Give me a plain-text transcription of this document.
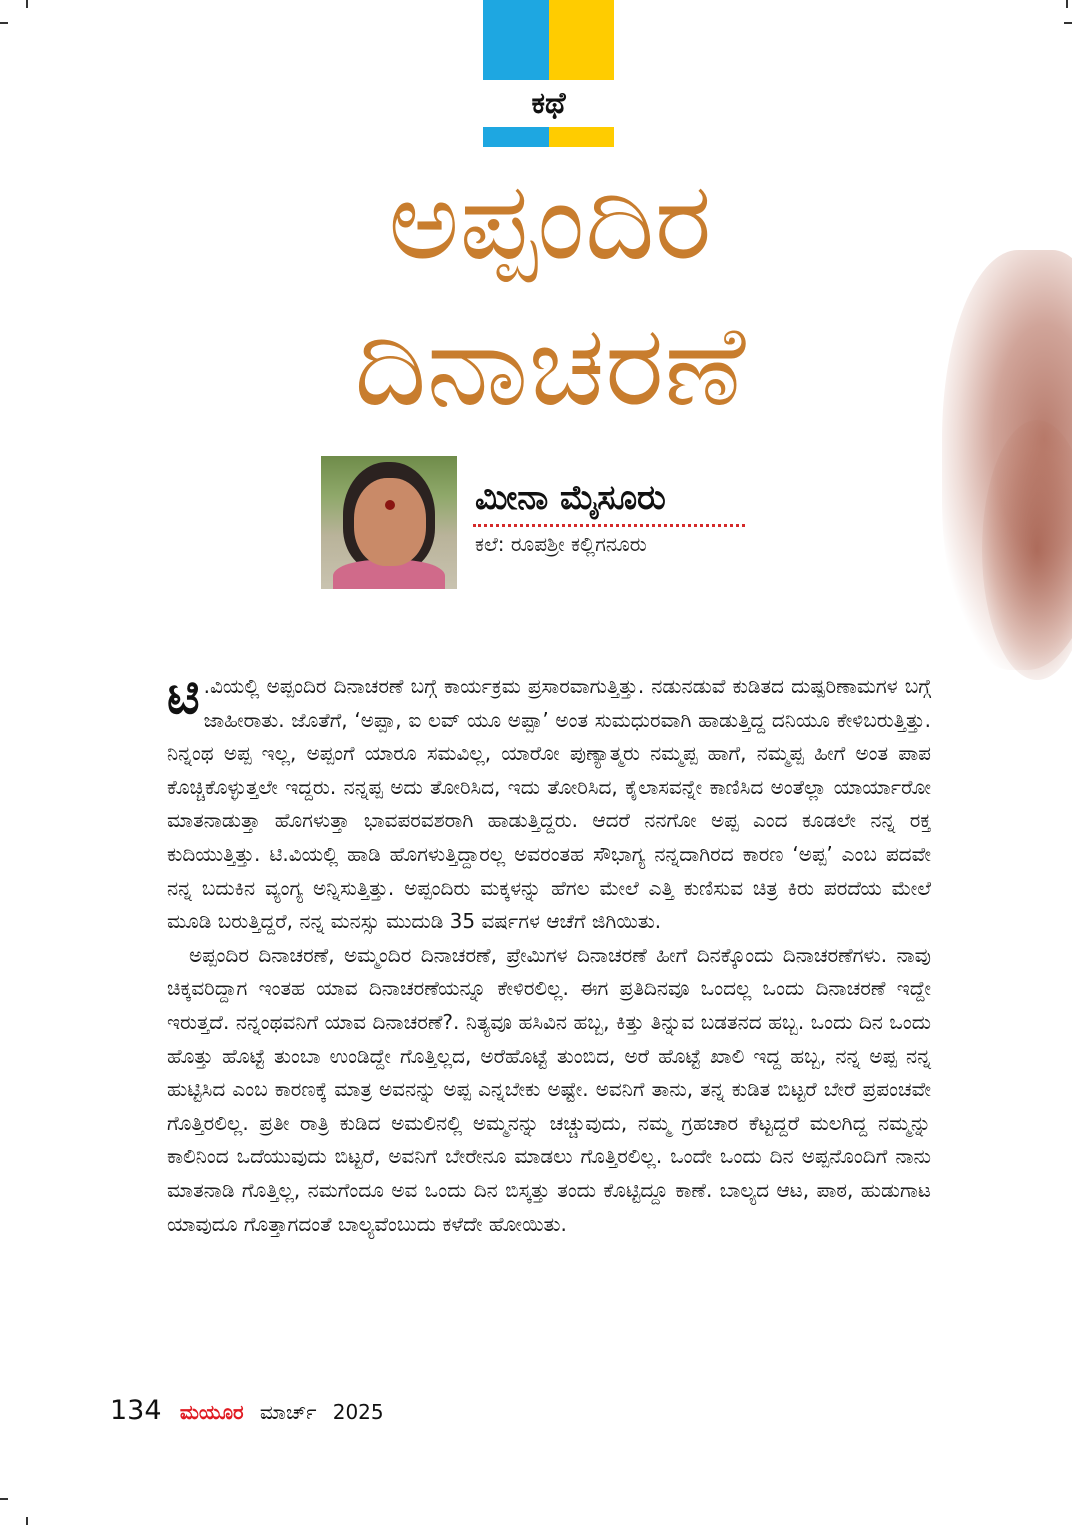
ಕಥೆ
ಅಪ್ಪಂದಿರ
ದಿನಾಚರಣೆ
ಮೀನಾ ಮೈಸೂರು
ಕಲೆ: ರೂಪಶ್ರೀ ಕಲ್ಲಿಗನೂರು

ಟಿ .ವಿಯಲ್ಲಿ ಅಪ್ಪಂದಿರ ದಿನಾಚರಣೆ ಬಗ್ಗೆ ಕಾರ್ಯಕ್ರಮ ಪ್ರಸಾರವಾಗುತ್ತಿತ್ತು. ನಡುನಡುವೆ ಕುಡಿತದ ದುಷ್ಪರಿಣಾಮಗಳ ಬಗ್ಗೆ ಜಾಹೀರಾತು. ಜೊತೆಗೆ, ‘ಅಪ್ಪಾ, ಐ ಲವ್ ಯೂ ಅಪ್ಪಾ’ ಅಂತ ಸುಮಧುರವಾಗಿ ಹಾಡುತ್ತಿದ್ದ ದನಿಯೂ ಕೇಳಿಬರುತ್ತಿತ್ತು. ನಿನ್ನಂಥ ಅಪ್ಪ ಇಲ್ಲ, ಅಪ್ಪಂಗೆ ಯಾರೂ ಸಮವಿಲ್ಲ, ಯಾರೋ ಪುಣ್ಯಾತ್ಮರು ನಮ್ಮಪ್ಪ ಹಾಗೆ, ನಮ್ಮಪ್ಪ ಹೀಗೆ ಅಂತ ಪಾಪ ಕೊಚ್ಚಿಕೊಳ್ಳುತ್ತಲೇ ಇದ್ದರು. ನನ್ನಪ್ಪ ಅದು ತೋರಿಸಿದ, ಇದು ತೋರಿಸಿದ, ಕೈಲಾಸವನ್ನೇ ಕಾಣಿಸಿದ ಅಂತೆಲ್ಲಾ ಯಾರ್ಯಾರೋ ಮಾತನಾಡುತ್ತಾ ಹೊಗಳುತ್ತಾ ಭಾವಪರವಶರಾಗಿ ಹಾಡುತ್ತಿದ್ದರು. ಆದರೆ ನನಗೋ ಅಪ್ಪ ಎಂದ ಕೂಡಲೇ ನನ್ನ ರಕ್ತ ಕುದಿಯುತ್ತಿತ್ತು. ಟಿ.ವಿಯಲ್ಲಿ ಹಾಡಿ ಹೊಗಳುತ್ತಿದ್ದಾರಲ್ಲ ಅವರಂತಹ ಸೌಭಾಗ್ಯ ನನ್ನದಾಗಿರದ ಕಾರಣ ‘ಅಪ್ಪ’ ಎಂಬ ಪದವೇ ನನ್ನ ಬದುಕಿನ ವ್ಯಂಗ್ಯ ಅನ್ನಿಸುತ್ತಿತ್ತು. ಅಪ್ಪಂದಿರು ಮಕ್ಕಳನ್ನು ಹೆಗಲ ಮೇಲೆ ಎತ್ತಿ ಕುಣಿಸುವ ಚಿತ್ರ ಕಿರು ಪರದೆಯ ಮೇಲೆ ಮೂಡಿ ಬರುತ್ತಿದ್ದರೆ, ನನ್ನ ಮನಸ್ಸು ಮುದುಡಿ 35 ವರ್ಷಗಳ ಆಚೆಗೆ ಜಿಗಿಯಿತು.

ಅಪ್ಪಂದಿರ ದಿನಾಚರಣೆ, ಅಮ್ಮಂದಿರ ದಿನಾಚರಣೆ, ಪ್ರೇಮಿಗಳ ದಿನಾಚರಣೆ ಹೀಗೆ ದಿನಕ್ಕೊಂದು ದಿನಾಚರಣೆಗಳು. ನಾವು ಚಿಕ್ಕವರಿದ್ದಾಗ ಇಂತಹ ಯಾವ ದಿನಾಚರಣೆಯನ್ನೂ ಕೇಳಿರಲಿಲ್ಲ. ಈಗ ಪ್ರತಿದಿನವೂ ಒಂದಲ್ಲ ಒಂದು ದಿನಾಚರಣೆ ಇದ್ದೇ ಇರುತ್ತದೆ. ನನ್ನಂಥವನಿಗೆ ಯಾವ ದಿನಾಚರಣೆ?. ನಿತ್ಯವೂ ಹಸಿವಿನ ಹಬ್ಬ, ಕಿತ್ತು ತಿನ್ನುವ ಬಡತನದ ಹಬ್ಬ. ಒಂದು ದಿನ ಒಂದು ಹೊತ್ತು ಹೊಟ್ಟೆ ತುಂಬಾ ಉಂಡಿದ್ದೇ ಗೊತ್ತಿಲ್ಲದ, ಅರೆಹೊಟ್ಟೆ ತುಂಬಿದ, ಅರೆ ಹೊಟ್ಟೆ ಖಾಲಿ ಇದ್ದ ಹಬ್ಬ, ನನ್ನ ಅಪ್ಪ ನನ್ನ ಹುಟ್ಟಿಸಿದ ಎಂಬ ಕಾರಣಕ್ಕೆ ಮಾತ್ರ ಅವನನ್ನು ಅಪ್ಪ ಎನ್ನಬೇಕು ಅಷ್ಟೇ. ಅವನಿಗೆ ತಾನು, ತನ್ನ ಕುಡಿತ ಬಿಟ್ಟರೆ ಬೇರೆ ಪ್ರಪಂಚವೇ ಗೊತ್ತಿರಲಿಲ್ಲ. ಪ್ರತೀ ರಾತ್ರಿ ಕುಡಿದ ಅಮಲಿನಲ್ಲಿ ಅಮ್ಮನನ್ನು ಚಚ್ಚುವುದು, ನಮ್ಮ ಗ್ರಹಚಾರ ಕೆಟ್ಟದ್ದರೆ ಮಲಗಿದ್ದ ನಮ್ಮನ್ನು ಕಾಲಿನಿಂದ ಒದೆಯುವುದು ಬಿಟ್ಟರೆ, ಅವನಿಗೆ ಬೇರೇನೂ ಮಾಡಲು ಗೊತ್ತಿರಲಿಲ್ಲ. ಒಂದೇ ಒಂದು ದಿನ ಅಪ್ಪನೊಂದಿಗೆ ನಾನು ಮಾತನಾಡಿ ಗೊತ್ತಿಲ್ಲ, ನಮಗೆಂದೂ ಅವ ಒಂದು ದಿನ ಬಿಸ್ಕತ್ತು ತಂದು ಕೊಟ್ಟಿದ್ದೂ ಕಾಣೆ. ಬಾಲ್ಯದ ಆಟ, ಪಾಠ, ಹುಡುಗಾಟ ಯಾವುದೂ ಗೊತ್ತಾಗದಂತೆ ಬಾಲ್ಯವೆಂಬುದು ಕಳೆದೇ ಹೋಯಿತು.

134 ಮಯೂರ ಮಾರ್ಚ್ 2025
